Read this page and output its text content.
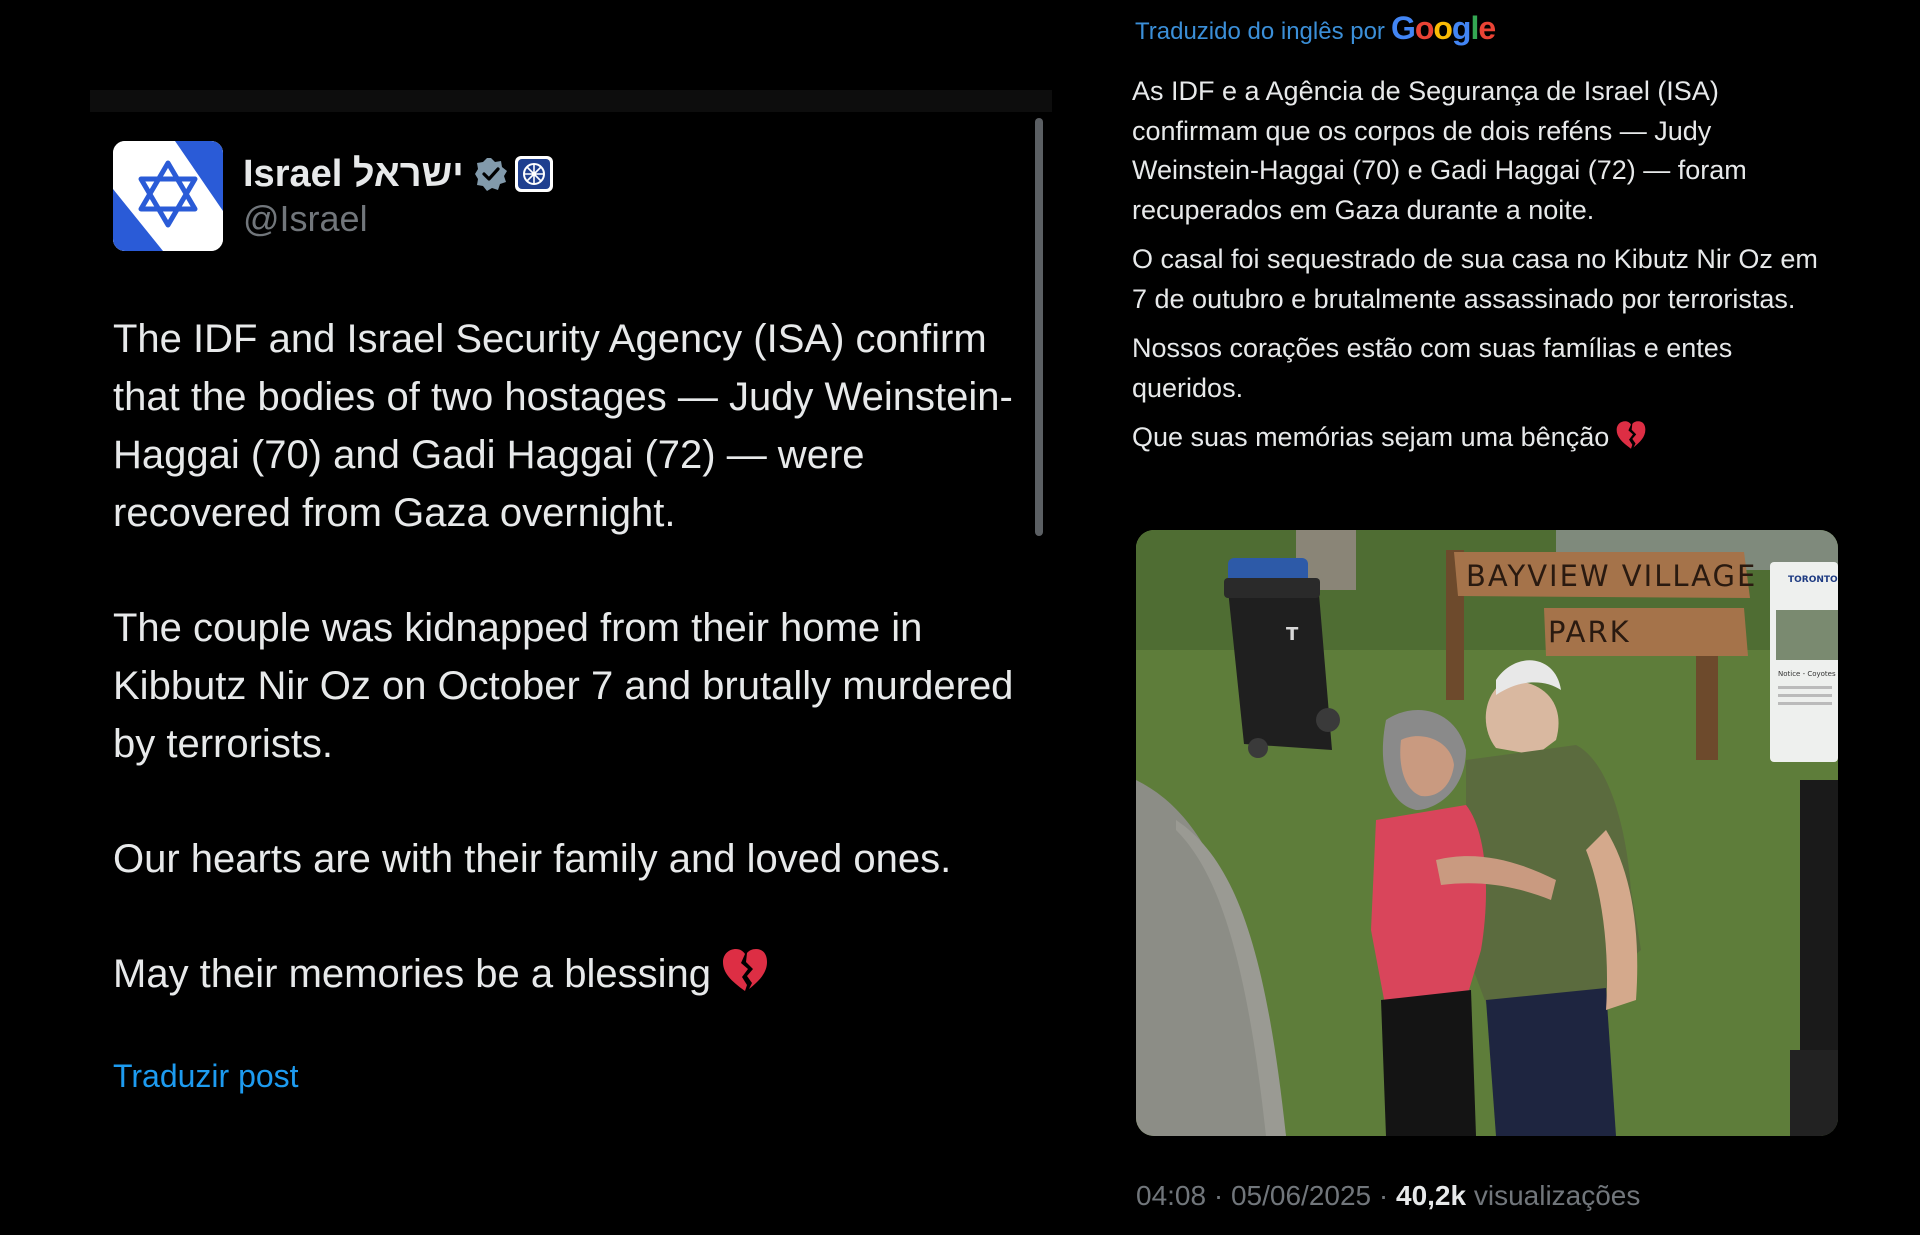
Israel ישראל
@Israel

The IDF and Israel Security Agency (ISA) confirm that the bodies of two hostages — Judy Weinstein-Haggai (70) and Gadi Haggai (72) — were recovered from Gaza overnight.

The couple was kidnapped from their home in Kibbutz Nir Oz on October 7 and brutally murdered by terrorists.

Our hearts are with their family and loved ones.

May their memories be a blessing

Traduzir post
Traduzido do inglês por Google

As IDF e a Agência de Segurança de Israel (ISA) confirmam que os corpos de dois reféns — Judy Weinstein-Haggai (70) e Gadi Haggai (72) — foram recuperados em Gaza durante a noite.

O casal foi sequestrado de sua casa no Kibutz Nir Oz em 7 de outubro e brutalmente assassinado por terroristas.

Nossos corações estão com suas famílias e entes queridos.

Que suas memórias sejam uma bênção

T
BAYVIEW VILLAGE
PARK
TORONTO
Notice - Coyotes
04:08 · 05/06/2025 · 40,2k visualizações
